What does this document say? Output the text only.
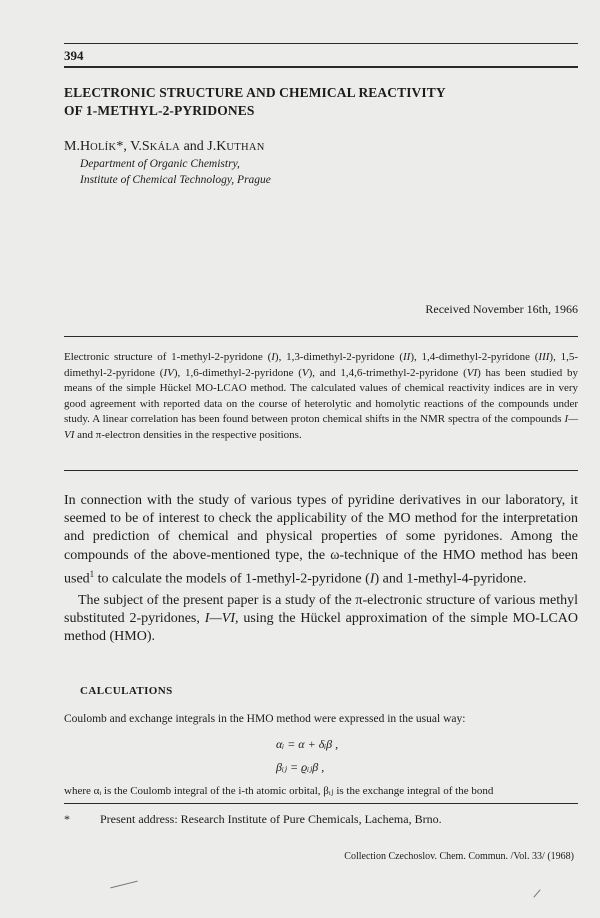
394
ELECTRONIC STRUCTURE AND CHEMICAL REACTIVITY
OF 1-METHYL-2-PYRIDONES
M.HOLÍK*, V.SKÁLA and J.KUTHAN
Department of Organic Chemistry,
Institute of Chemical Technology, Prague
Received November 16th, 1966
Electronic structure of 1-methyl-2-pyridone (I), 1,3-dimethyl-2-pyridone (II), 1,4-dimethyl-2-pyridone (III), 1,5-dimethyl-2-pyridone (IV), 1,6-dimethyl-2-pyridone (V), and 1,4,6-trimethyl-2-pyridone (VI) has been studied by means of the simple Hückel MO-LCAO method. The calculated values of chemical reactivity indices are in very good agreement with reported data on the course of heterolytic and homolytic reactions of the compounds under study. A linear correlation has been found between proton chemical shifts in the NMR spectra of the compounds I—VI and π-electron densities in the respective positions.

In connection with the study of various types of pyridine derivatives in our laboratory, it seemed to be of interest to check the applicability of the MO method for the interpretation and prediction of chemical and physical properties of some pyridones. Among the compounds of the above-mentioned type, the ω-technique of the HMO method has been used$^1$ to calculate the models of 1-methyl-2-pyridone (I) and 1-methyl-4-pyridone.

The subject of the present paper is a study of the π-electronic structure of various methyl substituted 2-pyridones, I—VI, using the Hückel approximation of the simple MO-LCAO method (HMO).

CALCULATIONS
Coulomb and exchange integrals in the HMO method were expressed in the usual way:
αᵢ = α + δᵢβ ,
βᵢⱼ = ϱᵢⱼβ ,
where αᵢ is the Coulomb integral of the i-th atomic orbital, βᵢⱼ is the exchange integral of the bond
*	Present address: Research Institute of Pure Chemicals, Lachema, Brno.
Collection Czechoslov. Chem. Commun. /Vol. 33/ (1968)
